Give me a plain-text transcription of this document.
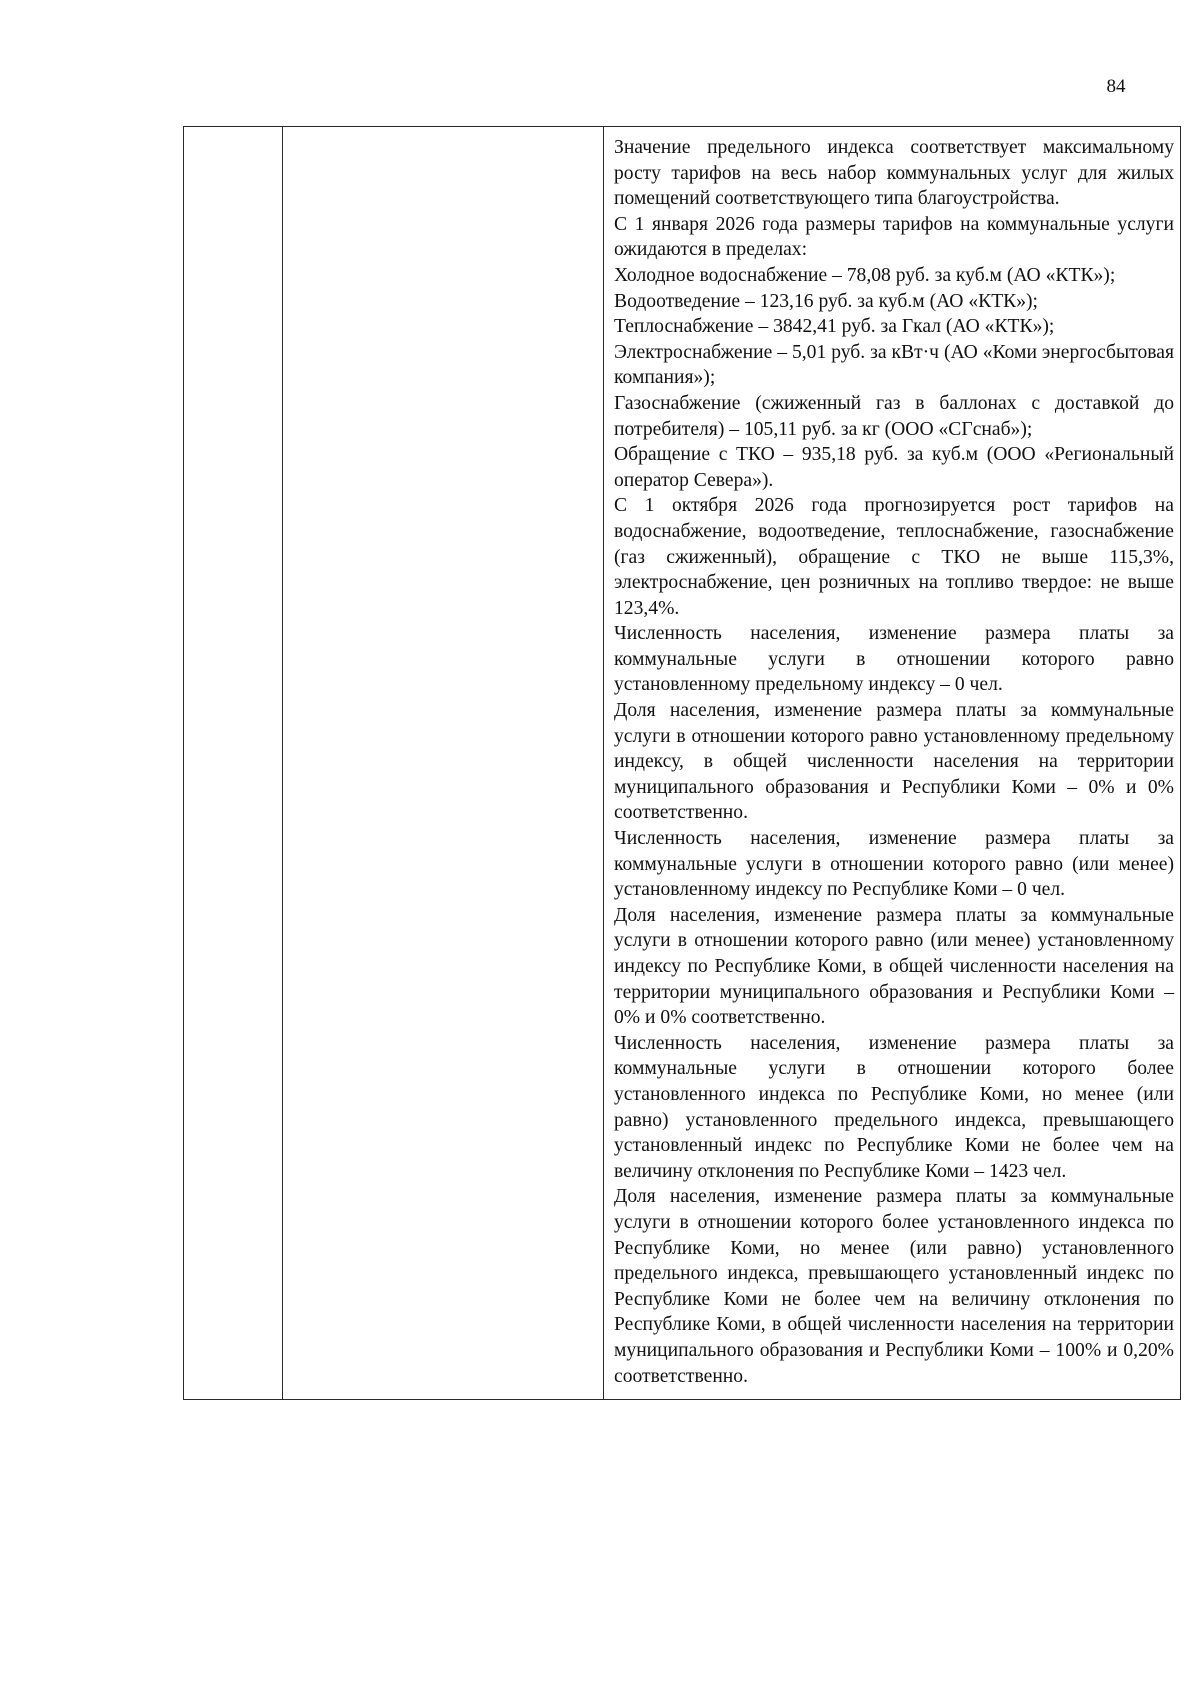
84

Значение предельного индекса соответствует максимальному росту тарифов на весь набор коммунальных услуг для жилых помещений соответствующего типа благоустройства.

С 1 января 2026 года размеры тарифов на коммунальные услуги ожидаются в пределах:

Холодное водоснабжение – 78,08 руб. за куб.м (АО «КТК»);

Водоотведение – 123,16 руб. за куб.м (АО «КТК»);

Теплоснабжение – 3842,41 руб. за Гкал (АО «КТК»);

Электроснабжение – 5,01 руб. за кВт·ч (АО «Коми энергосбытовая компания»);

Газоснабжение (сжиженный газ в баллонах с доставкой до потребителя) – 105,11 руб. за кг (ООО «СГснаб»);

Обращение с ТКО – 935,18 руб. за куб.м (ООО «Региональный оператор Севера»).

С 1 октября 2026 года прогнозируется рост тарифов на водоснабжение, водоотведение, теплоснабжение, газоснабжение (газ сжиженный), обращение с ТКО не выше 115,3%, электроснабжение, цен розничных на топливо твердое: не выше 123,4%.

Численность населения, изменение размера платы за коммунальные услуги в отношении которого равно установленному предельному индексу – 0 чел.

Доля населения, изменение размера платы за коммунальные услуги в отношении которого равно установленному предельному индексу, в общей численности населения на территории муниципального образования и Республики Коми – 0% и 0% соответственно.

Численность населения, изменение размера платы за коммунальные услуги в отношении которого равно (или менее) установленному индексу по Республике Коми – 0 чел.

Доля населения, изменение размера платы за коммунальные услуги в отношении которого равно (или менее) установленному индексу по Республике Коми, в общей численности населения на территории муниципального образования и Республики Коми – 0% и 0% соответственно.

Численность населения, изменение размера платы за коммунальные услуги в отношении которого более установленного индекса по Республике Коми, но менее (или равно) установленного предельного индекса, превышающего установленный индекс по Республике Коми не более чем на величину отклонения по Республике Коми – 1423 чел.

Доля населения, изменение размера платы за коммунальные услуги в отношении которого более установленного индекса по Республике Коми, но менее (или равно) установленного предельного индекса, превышающего установленный индекс по Республике Коми не более чем на величину отклонения по Республике Коми, в общей численности населения на территории муниципального образования и Республики Коми – 100% и 0,20% соответственно.
